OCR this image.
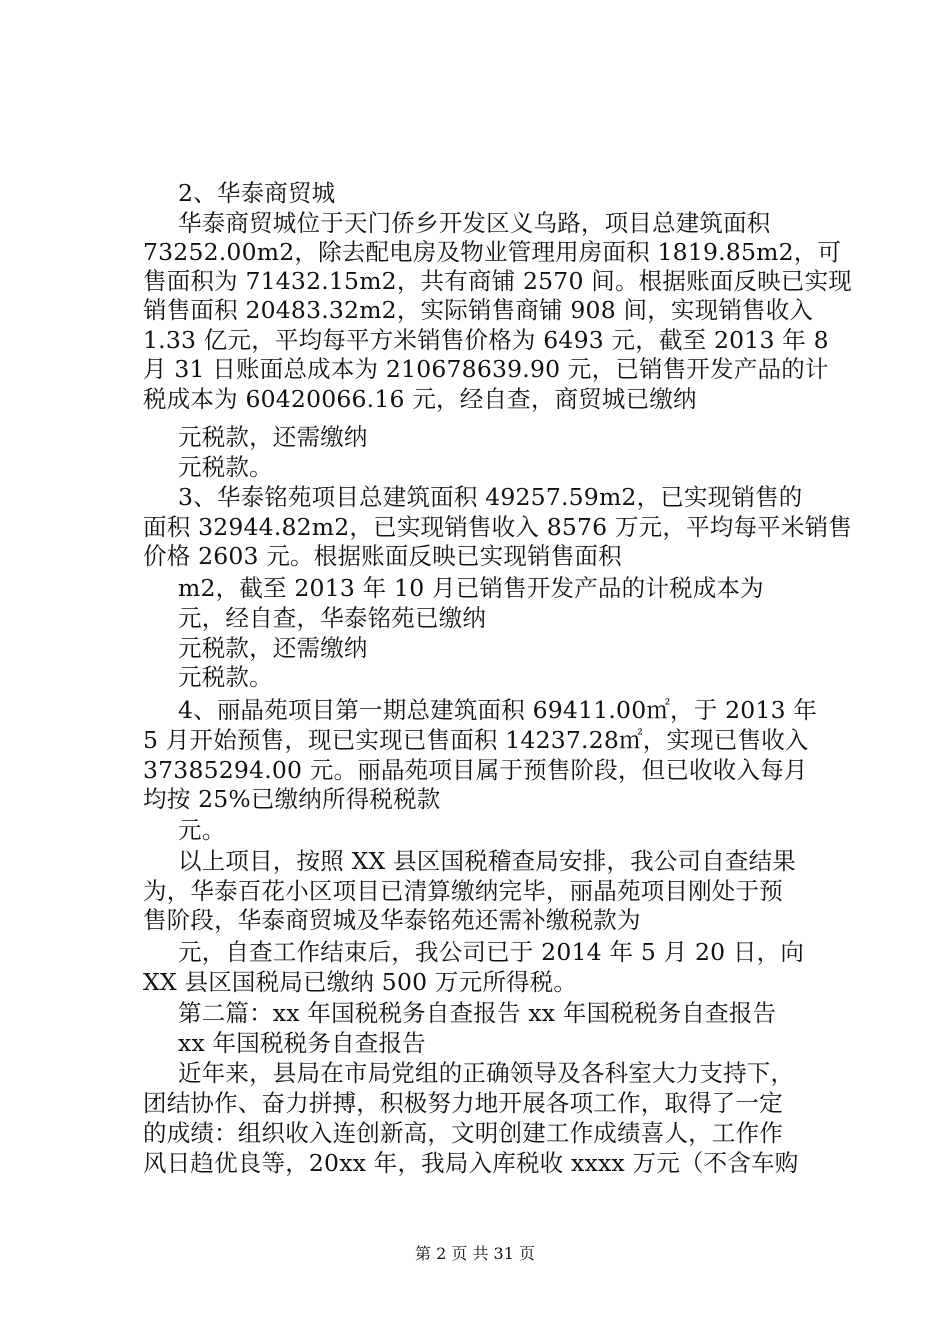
2、华泰商贸城
华泰商贸城位于天门侨乡开发区义乌路，项目总建筑面积
73252.00m2，除去配电房及物业管理用房面积 1819.85m2，可
售面积为 71432.15m2，共有商铺 2570 间。根据账面反映已实现
销售面积 20483.32m2，实际销售商铺 908 间，实现销售收入
1.33 亿元，平均每平方米销售价格为 6493 元，截至 2013 年 8
月 31 日账面总成本为 210678639.90 元，已销售开发产品的计
税成本为 60420066.16 元，经自查，商贸城已缴纳
元税款，还需缴纳
元税款。
3、华泰铭苑项目总建筑面积 49257.59m2，已实现销售的
面积 32944.82m2，已实现销售收入 8576 万元，平均每平米销售
价格 2603 元。根据账面反映已实现销售面积
m2，截至 2013 年 10 月已销售开发产品的计税成本为
元，经自查，华泰铭苑已缴纳
元税款，还需缴纳
元税款。
4、丽晶苑项目第一期总建筑面积 69411.00㎡，于 2013 年
5 月开始预售，现已实现已售面积 14237.28㎡，实现已售收入
37385294.00 元。丽晶苑项目属于预售阶段，但已收收入每月
均按 25%已缴纳所得税税款
元。
以上项目，按照 XX 县区国税稽查局安排，我公司自查结果
为，华泰百花小区项目已清算缴纳完毕，丽晶苑项目刚处于预
售阶段，华泰商贸城及华泰铭苑还需补缴税款为
元，自查工作结束后，我公司已于 2014 年 5 月 20 日，向
XX 县区国税局已缴纳 500 万元所得税。
第二篇：xx 年国税税务自查报告 xx 年国税税务自查报告
xx 年国税税务自查报告
近年来，县局在市局党组的正确领导及各科室大力支持下，
团结协作、奋力拼搏，积极努力地开展各项工作，取得了一定
的成绩：组织收入连创新高，文明创建工作成绩喜人，工作作
风日趋优良等，20xx 年，我局入库税收 xxxx 万元（不含车购
第 2 页 共 31 页
